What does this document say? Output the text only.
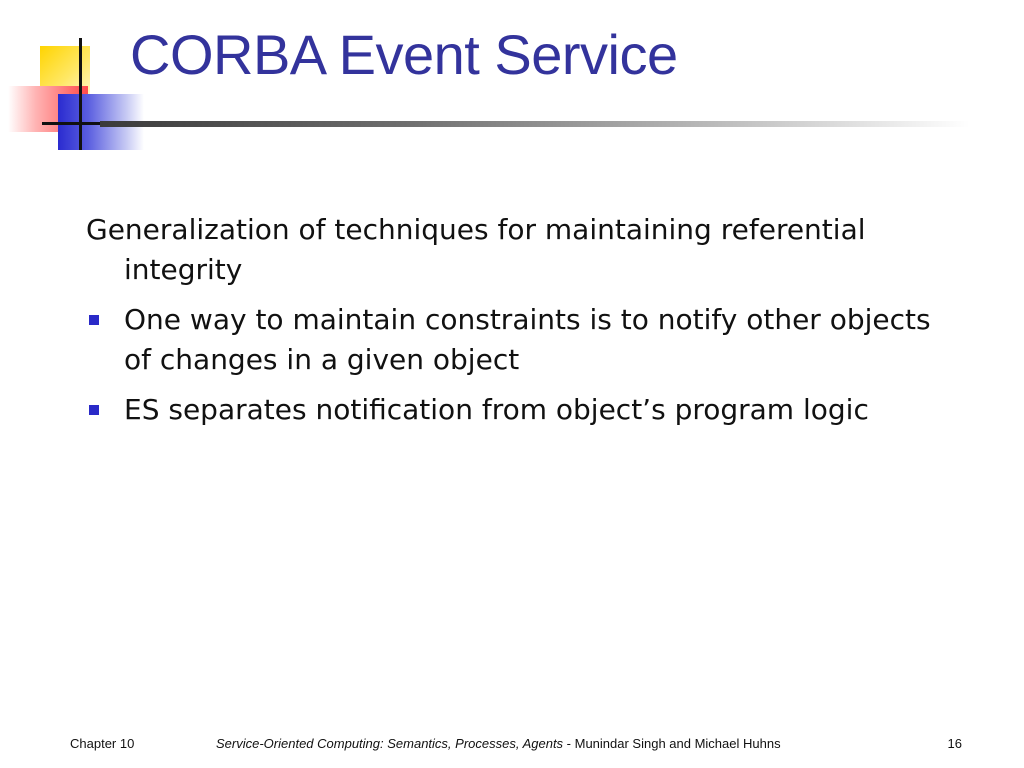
CORBA Event Service

Generalization of techniques for maintaining referential integrity

One way to maintain constraints is to notify other objects of changes in a given object
ES separates notification from object’s program logic
Chapter 10	Service-Oriented Computing: Semantics, Processes, Agents - Munindar Singh and Michael Huhns	16
